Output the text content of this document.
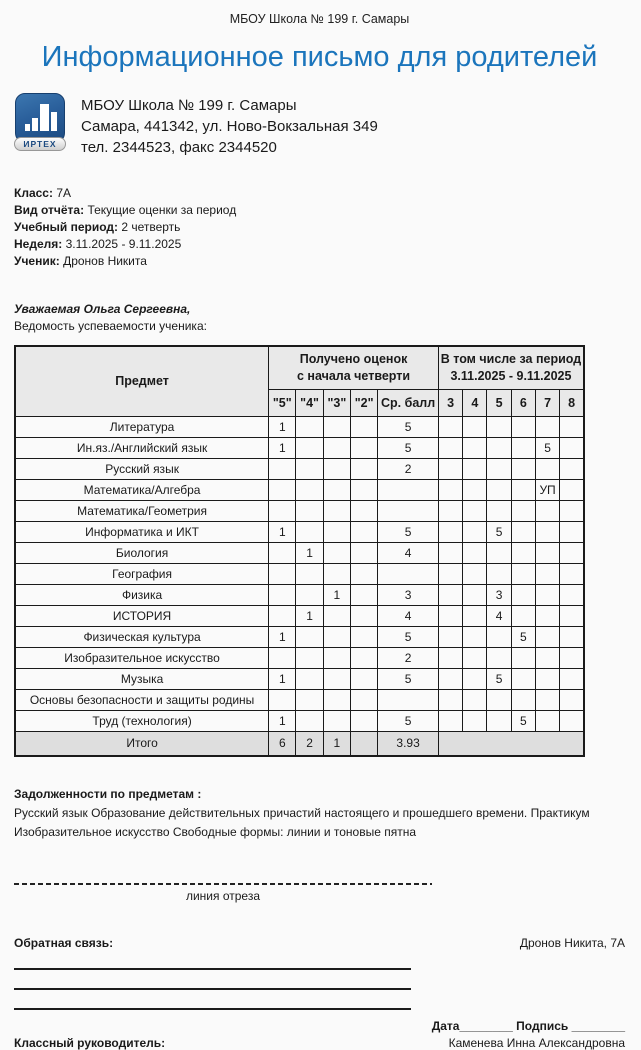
МБОУ Школа № 199 г. Самары
Информационное письмо для родителей
ИРТЕХ
МБОУ Школа № 199 г. Самары
Самара, 441342, ул. Ново-Вокзальная 349
тел. 2344523, факс 2344520
Класс: 7А
Вид отчёта: Текущие оценки за период
Учебный период: 2 четверть
Неделя: 3.11.2025 - 9.11.2025
Ученик: Дронов Никита
Уважаемая Ольга Сергеевна,
Ведомость успеваемости ученика:
Предмет	
Получено оценок
с начала четверти

В том числе за период
3.11.2025 - 9.11.2025

	"5"	"4"	"3"	"2"	Ср. балл	3	4	5	6	7	8
Литература	1				5						
Ин.яз./Английский язык	1				5					5	
Русский язык					2						
Математика/Алгебра										УП	
Математика/Геометрия											
Информатика и ИКТ	1				5			5			
Биология		1			4						
География											
Физика			1		3			3			
ИСТОРИЯ		1			4			4			
Физическая культура	1				5				5		
Изобразительное искусство					2						
Музыка	1				5			5			
Основы безопасности и защиты родины											
Труд (технология)	1				5				5		
Итого	6	2	1		3.93						
Задолженности по предметам :
Русский язык Образование действительных причастий настоящего и прошедшего времени. Практикум
Изобразительное искусство Свободные формы: линии и тоновые пятна
линия отреза
Обратная связь:	Дронов Никита, 7А
Дата________ Подпись ________
Классный руководитель:	Каменева Инна Александровна
